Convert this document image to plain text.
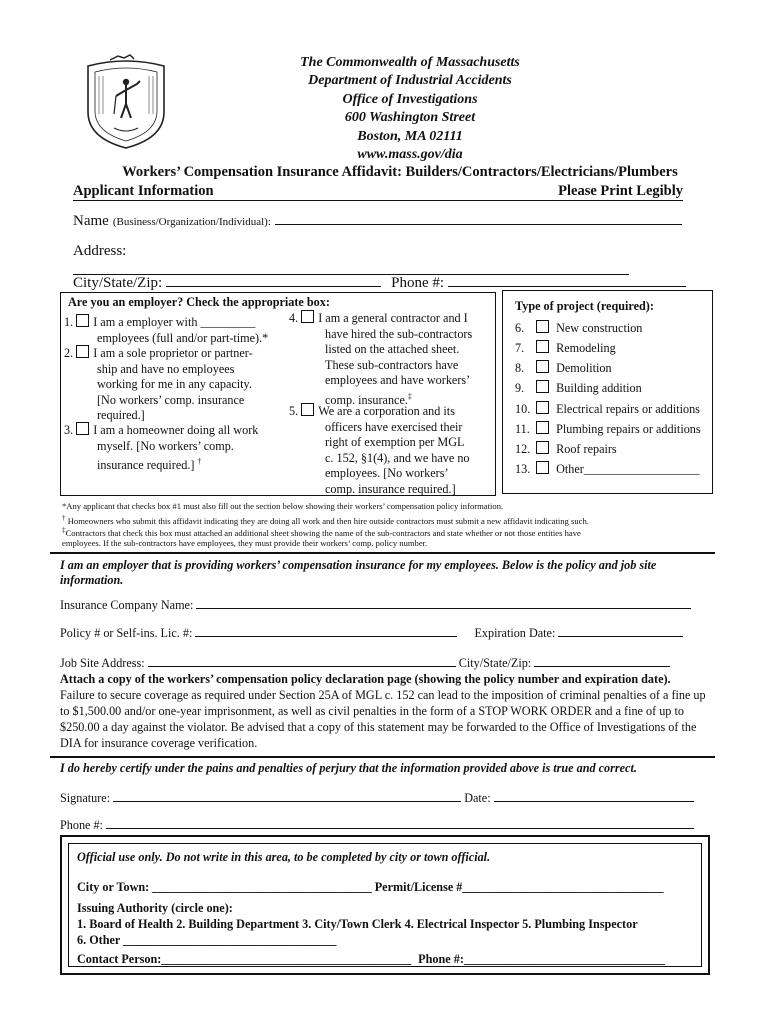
The Commonwealth of Massachusetts
Department of Industrial Accidents
Office of Investigations
600 Washington Street
Boston, MA 02111
www.mass.gov/dia
Workers’ Compensation Insurance Affidavit: Builders/Contractors/Electricians/Plumbers
Applicant Information	Please Print Legibly
Name (Business/Organization/Individual):
Address:
City/State/Zip:	Phone #:
Are you an employer? Check the appropriate box:
1. I am a employer with _________
employees (full and/or part-time).*
2. I am a sole proprietor or partner-
ship and have no employees
working for me in any capacity.
[No workers’ comp. insurance
required.]
3. I am a homeowner doing all work
myself. [No workers’ comp.
insurance required.] †
4. I am a general contractor and I
have hired the sub-contractors
listed on the attached sheet.
These sub-contractors have
employees and have workers’
comp. insurance.‡
5. We are a corporation and its
officers have exercised their
right of exemption per MGL
c. 152, §1(4), and we have no
employees. [No workers’
comp. insurance required.]
Type of project (required):
6.	New construction
7.	Remodeling
8.	Demolition
9.	Building addition
10. Electrical repairs or additions
11. Plumbing repairs or additions
12. Roof repairs
13. Other___________________
*Any applicant that checks box #1 must also fill out the section below showing their workers’ compensation policy information.
† Homeowners who submit this affidavit indicating they are doing all work and then hire outside contractors must submit a new affidavit indicating such.
‡Contractors that check this box must attached an additional sheet showing the name of the sub-contractors and state whether or not those entities have
employees. If the sub-contractors have employees, they must provide their workers’ comp. policy number.
I am an employer that is providing workers’ compensation insurance for my employees. Below is the policy and job site information.
Insurance Company Name:
Policy # or Self-ins. Lic. #:	Expiration Date:
Job Site Address:	City/State/Zip:
Attach a copy of the workers’ compensation policy declaration page (showing the policy number and expiration date).
Failure to secure coverage as required under Section 25A of MGL c. 152 can lead to the imposition of criminal penalties of a fine up to $1,500.00 and/or one-year imprisonment, as well as civil penalties in the form of a STOP WORK ORDER and a fine of up to $250.00 a day against the violator. Be advised that a copy of this statement may be forwarded to the Office of Investigations of the DIA for insurance coverage verification.
I do hereby certify under the pains and penalties of perjury that the information provided above is true and correct.
Signature:	Date:
Phone #:
Official use only. Do not write in this area, to be completed by city or town official.
City or Town: ____________________________________ Permit/License #_________________________________
Issuing Authority (circle one):
1. Board of Health 2. Building Department 3. City/Town Clerk 4. Electrical Inspector 5. Plumbing Inspector
6. Other ___________________________________
Contact Person:_________________________________________ Phone #:_________________________________
